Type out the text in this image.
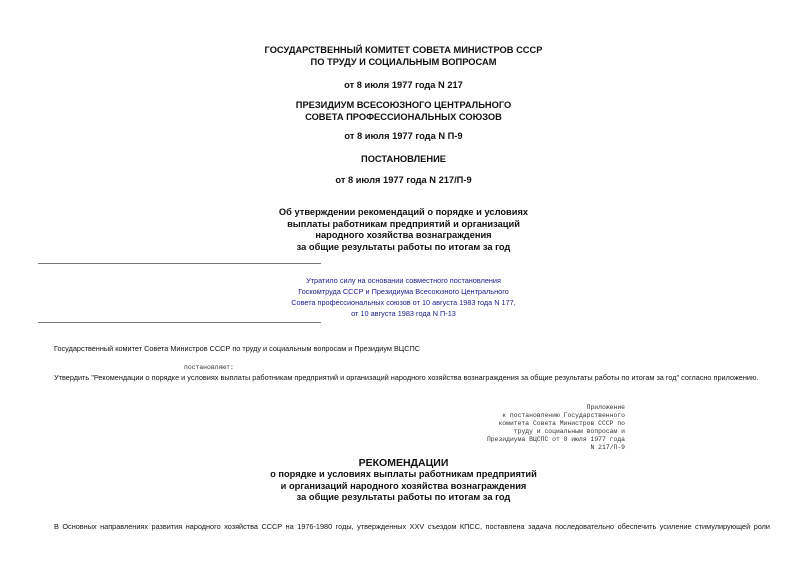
ГОСУДАРСТВЕННЫЙ КОМИТЕТ СОВЕТА МИНИСТРОВ СССР
ПО ТРУДУ И СОЦИАЛЬНЫМ ВОПРОСАМ
от 8 июля 1977 года N 217
ПРЕЗИДИУМ ВСЕСОЮЗНОГО ЦЕНТРАЛЬНОГО
СОВЕТА ПРОФЕССИОНАЛЬНЫХ СОЮЗОВ
от 8 июля 1977 года N П-9
ПОСТАНОВЛЕНИЕ
от 8 июля 1977 года N 217/П-9
Об утверждении рекомендаций о порядке и условиях
выплаты работникам предприятий и организаций
народного хозяйства вознаграждения
за общие результаты работы по итогам за год
Утратило силу на основании совместного постановления
Госкомтруда СССР и Президиума Всесоюзного Центрального
Совета профессиональных союзов от 10 августа 1983 года N 177,
от 10 августа 1983 года N П-13
Государственный комитет Совета Министров СССР по труду и социальным вопросам и Президиум ВЦСПС
постановляют:
Утвердить "Рекомендации о порядке и условиях выплаты работникам предприятий и организаций народного хозяйства вознаграждения за общие результаты работы по итогам за год" согласно приложению.
Приложение
к постановлению Государственного
комитета Совета Министров СССР по
труду и социальным вопросам и
Президиума ВЦСПС от 8 июля 1977 года
N 217/П-9
РЕКОМЕНДАЦИИ
о порядке и условиях выплаты работникам предприятий
и организаций народного хозяйства вознаграждения
за общие результаты работы по итогам за год
В Основных направлениях развития народного хозяйства СССР на 1976-1980 годы, утвержденных XXV съездом КПСС, поставлена задача последовательно обеспечить усиление стимулирующей роли
